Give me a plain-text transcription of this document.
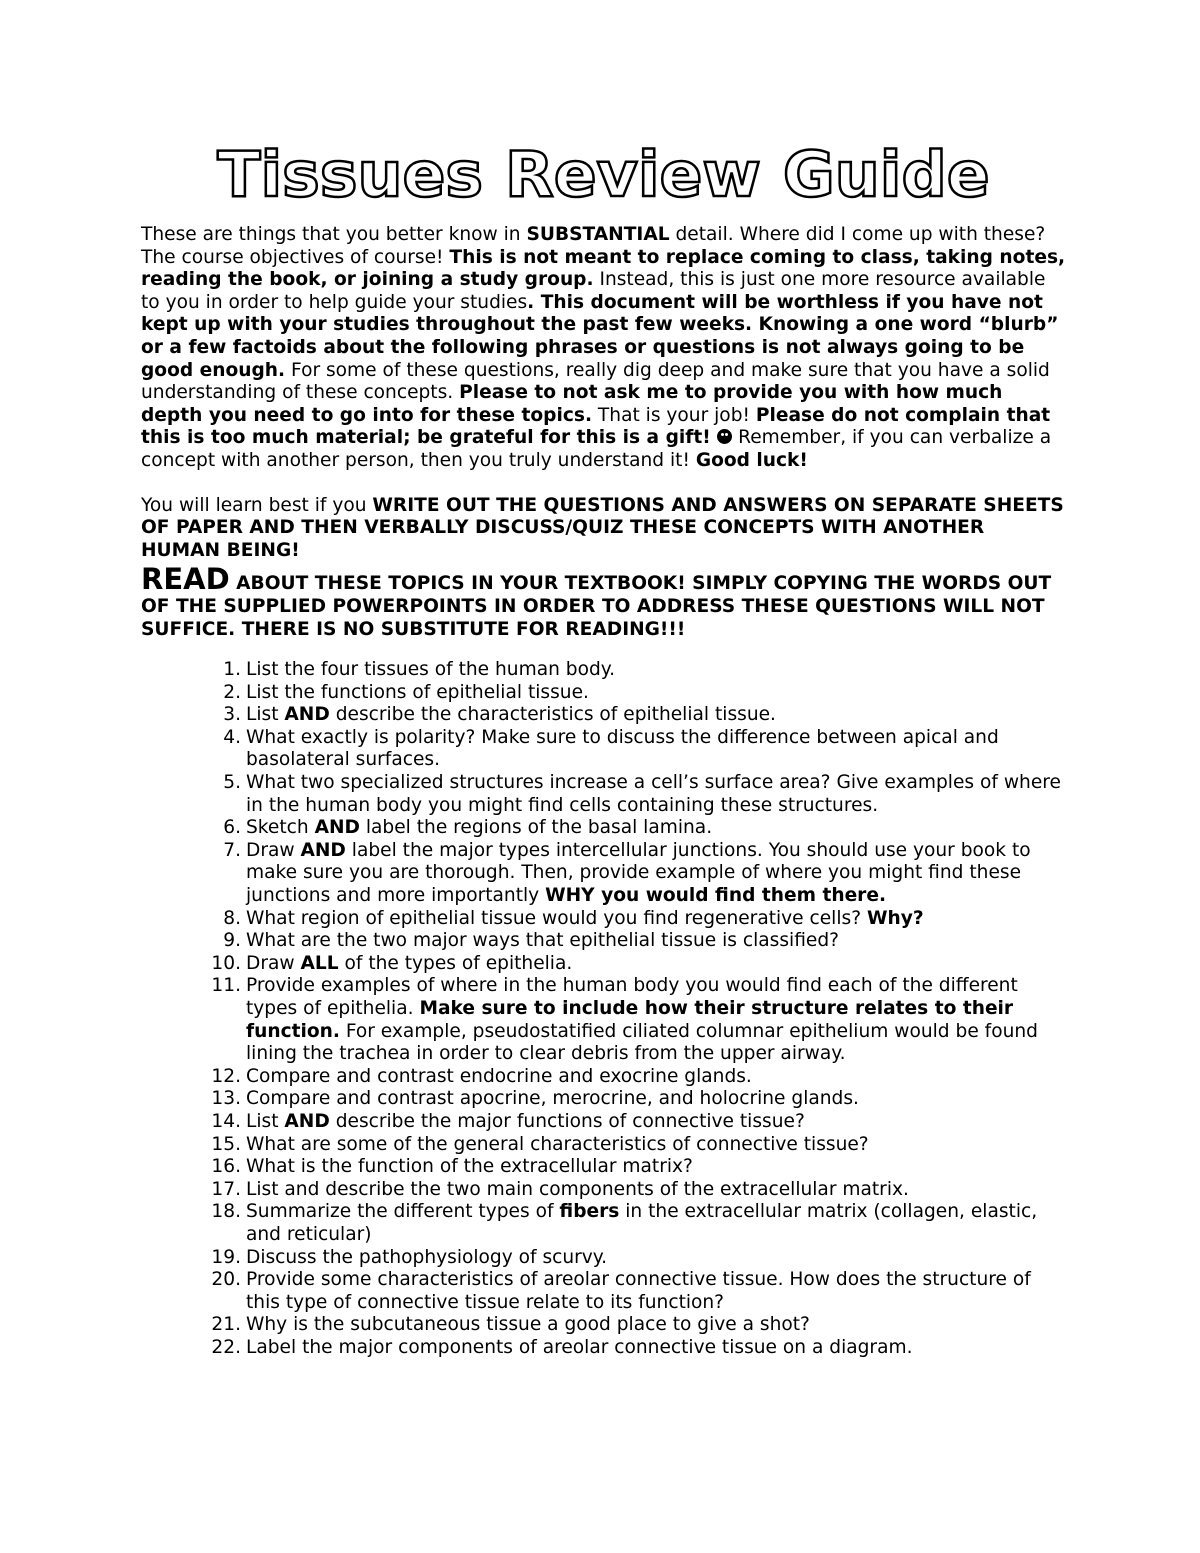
Tissues Review Guide

These are things that you better know in SUBSTANTIAL detail. Where did I come up with these? The course objectives of course! This is not meant to replace coming to class, taking notes, reading the book, or joining a study group. Instead, this is just one more resource available to you in order to help guide your studies. This document will be worthless if you have not kept up with your studies throughout the past few weeks. Knowing a one word “blurb” or a few factoids about the following phrases or questions is not always going to be good enough. For some of these questions, really dig deep and make sure that you have a solid understanding of these concepts. Please to not ask me to provide you with how much depth you need to go into for these topics. That is your job! Please do not complain that this is too much material; be grateful for this is a gift!  Remember, if you can verbalize a concept with another person, then you truly understand it! Good luck!

You will learn best if you WRITE OUT THE QUESTIONS AND ANSWERS ON SEPARATE SHEETS OF PAPER AND THEN VERBALLY DISCUSS/QUIZ THESE CONCEPTS WITH ANOTHER HUMAN BEING!

READ ABOUT THESE TOPICS IN YOUR TEXTBOOK! SIMPLY COPYING THE WORDS OUT OF THE SUPPLIED POWERPOINTS IN ORDER TO ADDRESS THESE QUESTIONS WILL NOT SUFFICE. THERE IS NO SUBSTITUTE FOR READING!!!

1. List the four tissues of the human body.
2. List the functions of epithelial tissue.
3. List AND describe the characteristics of epithelial tissue.
4. What exactly is polarity? Make sure to discuss the difference between apical and basolateral surfaces.
5. What two specialized structures increase a cell’s surface area? Give examples of where in the human body you might find cells containing these structures.
6. Sketch AND label the regions of the basal lamina.
7. Draw AND label the major types intercellular junctions. You should use your book to make sure you are thorough. Then, provide example of where you might find these junctions and more importantly WHY you would find them there.
8. What region of epithelial tissue would you find regenerative cells? Why?
9. What are the two major ways that epithelial tissue is classified?
10. Draw ALL of the types of epithelia.
11. Provide examples of where in the human body you would find each of the different types of epithelia. Make sure to include how their structure relates to their function. For example, pseudostatified ciliated columnar epithelium would be found lining the trachea in order to clear debris from the upper airway.
12. Compare and contrast endocrine and exocrine glands.
13. Compare and contrast apocrine, merocrine, and holocrine glands.
14. List AND describe the major functions of connective tissue?
15. What are some of the general characteristics of connective tissue?
16. What is the function of the extracellular matrix?
17. List and describe the two main components of the extracellular matrix.
18. Summarize the different types of fibers in the extracellular matrix (collagen, elastic, and reticular)
19. Discuss the pathophysiology of scurvy.
20. Provide some characteristics of areolar connective tissue. How does the structure of this type of connective tissue relate to its function?
21. Why is the subcutaneous tissue a good place to give a shot?
22. Label the major components of areolar connective tissue on a diagram.
